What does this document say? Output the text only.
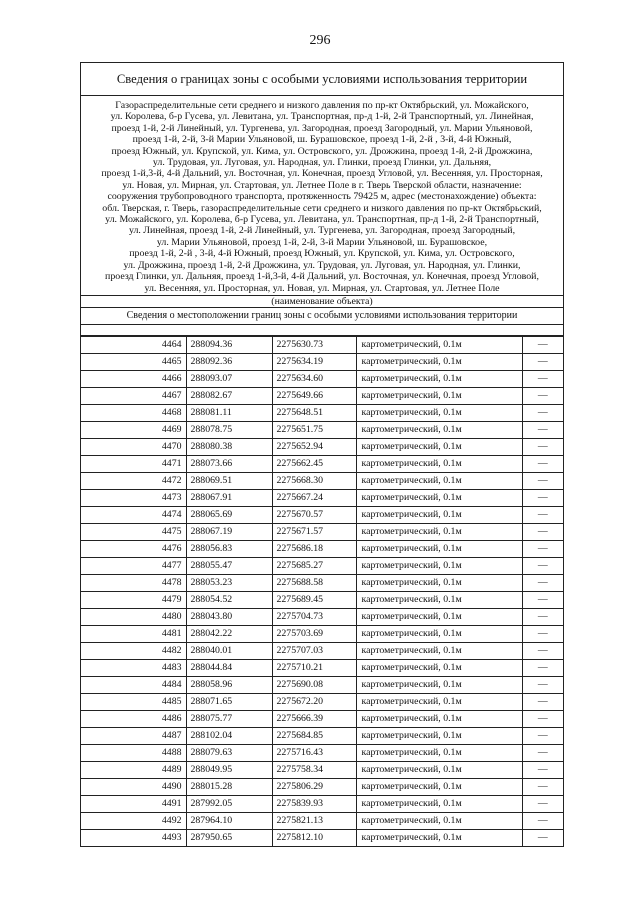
296
Сведения о границах зоны с особыми условиями использования территории
Газораспределительные сети среднего и низкого давления по пр-кт Октябрьский, ул. Можайского,
ул. Королева, б-р Гусева, ул. Левитана, ул. Транспортная, пр-д 1-й, 2-й Транспортный, ул. Линейная,
проезд 1-й, 2-й Линейный, ул. Тургенева, ул. Загородная, проезд Загородный, ул. Марии Ульяновой,
проезд 1-й, 2-й, 3-й Марии Ульяновой, ш. Бурашовское, проезд 1-й, 2-й , 3-й, 4-й Южный,
проезд Южный, ул. Крупской, ул. Кима, ул. Островского, ул. Дрожжина, проезд 1-й, 2-й Дрожжина,
ул. Трудовая, ул. Луговая, ул. Народная, ул. Глинки, проезд Глинки, ул. Дальняя,
проезд 1-й,3-й, 4-й Дальний, ул. Восточная, ул. Конечная, проезд Угловой, ул. Весенняя, ул. Просторная,
ул. Новая, ул. Мирная, ул. Стартовая, ул. Летнее Поле в г. Тверь Тверской области, назначение:
сооружения трубопроводного транспорта, протяженность 79425 м, адрес (местонахождение) объекта:
обл. Тверская, г. Тверь, газораспределительные сети среднего и низкого давления по пр-кт Октябрьский,
ул. Можайского, ул. Королева, б-р Гусева, ул. Левитана, ул. Транспортная, пр-д 1-й, 2-й Транспортный,
ул. Линейная, проезд 1-й, 2-й Линейный, ул. Тургенева, ул. Загородная, проезд Загородный,
ул. Марии Ульяновой, проезд 1-й, 2-й, 3-й Марии Ульяновой, ш. Бурашовское,
проезд 1-й, 2-й , 3-й, 4-й Южный, проезд Южный, ул. Крупской, ул. Кима, ул. Островского,
ул. Дрожжина, проезд 1-й, 2-й Дрожжина, ул. Трудовая, ул. Луговая, ул. Народная, ул. Глинки,
проезд Глинки, ул. Дальняя, проезд 1-й,3-й, 4-й Дальний, ул. Восточная, ул. Конечная, проезд Угловой,
ул. Весенняя, ул. Просторная, ул. Новая, ул. Мирная, ул. Стартовая, ул. Летнее Поле
(наименование объекта)
Сведения о местоположении границ зоны с особыми условиями использования территории
4464	288094.36	2275630.73	картометрический, 0.1м	—
4465	288092.36	2275634.19	картометрический, 0.1м	—
4466	288093.07	2275634.60	картометрический, 0.1м	—
4467	288082.67	2275649.66	картометрический, 0.1м	—
4468	288081.11	2275648.51	картометрический, 0.1м	—
4469	288078.75	2275651.75	картометрический, 0.1м	—
4470	288080.38	2275652.94	картометрический, 0.1м	—
4471	288073.66	2275662.45	картометрический, 0.1м	—
4472	288069.51	2275668.30	картометрический, 0.1м	—
4473	288067.91	2275667.24	картометрический, 0.1м	—
4474	288065.69	2275670.57	картометрический, 0.1м	—
4475	288067.19	2275671.57	картометрический, 0.1м	—
4476	288056.83	2275686.18	картометрический, 0.1м	—
4477	288055.47	2275685.27	картометрический, 0.1м	—
4478	288053.23	2275688.58	картометрический, 0.1м	—
4479	288054.52	2275689.45	картометрический, 0.1м	—
4480	288043.80	2275704.73	картометрический, 0.1м	—
4481	288042.22	2275703.69	картометрический, 0.1м	—
4482	288040.01	2275707.03	картометрический, 0.1м	—
4483	288044.84	2275710.21	картометрический, 0.1м	—
4484	288058.96	2275690.08	картометрический, 0.1м	—
4485	288071.65	2275672.20	картометрический, 0.1м	—
4486	288075.77	2275666.39	картометрический, 0.1м	—
4487	288102.04	2275684.85	картометрический, 0.1м	—
4488	288079.63	2275716.43	картометрический, 0.1м	—
4489	288049.95	2275758.34	картометрический, 0.1м	—
4490	288015.28	2275806.29	картометрический, 0.1м	—
4491	287992.05	2275839.93	картометрический, 0.1м	—
4492	287964.10	2275821.13	картометрический, 0.1м	—
4493	287950.65	2275812.10	картометрический, 0.1м	—
